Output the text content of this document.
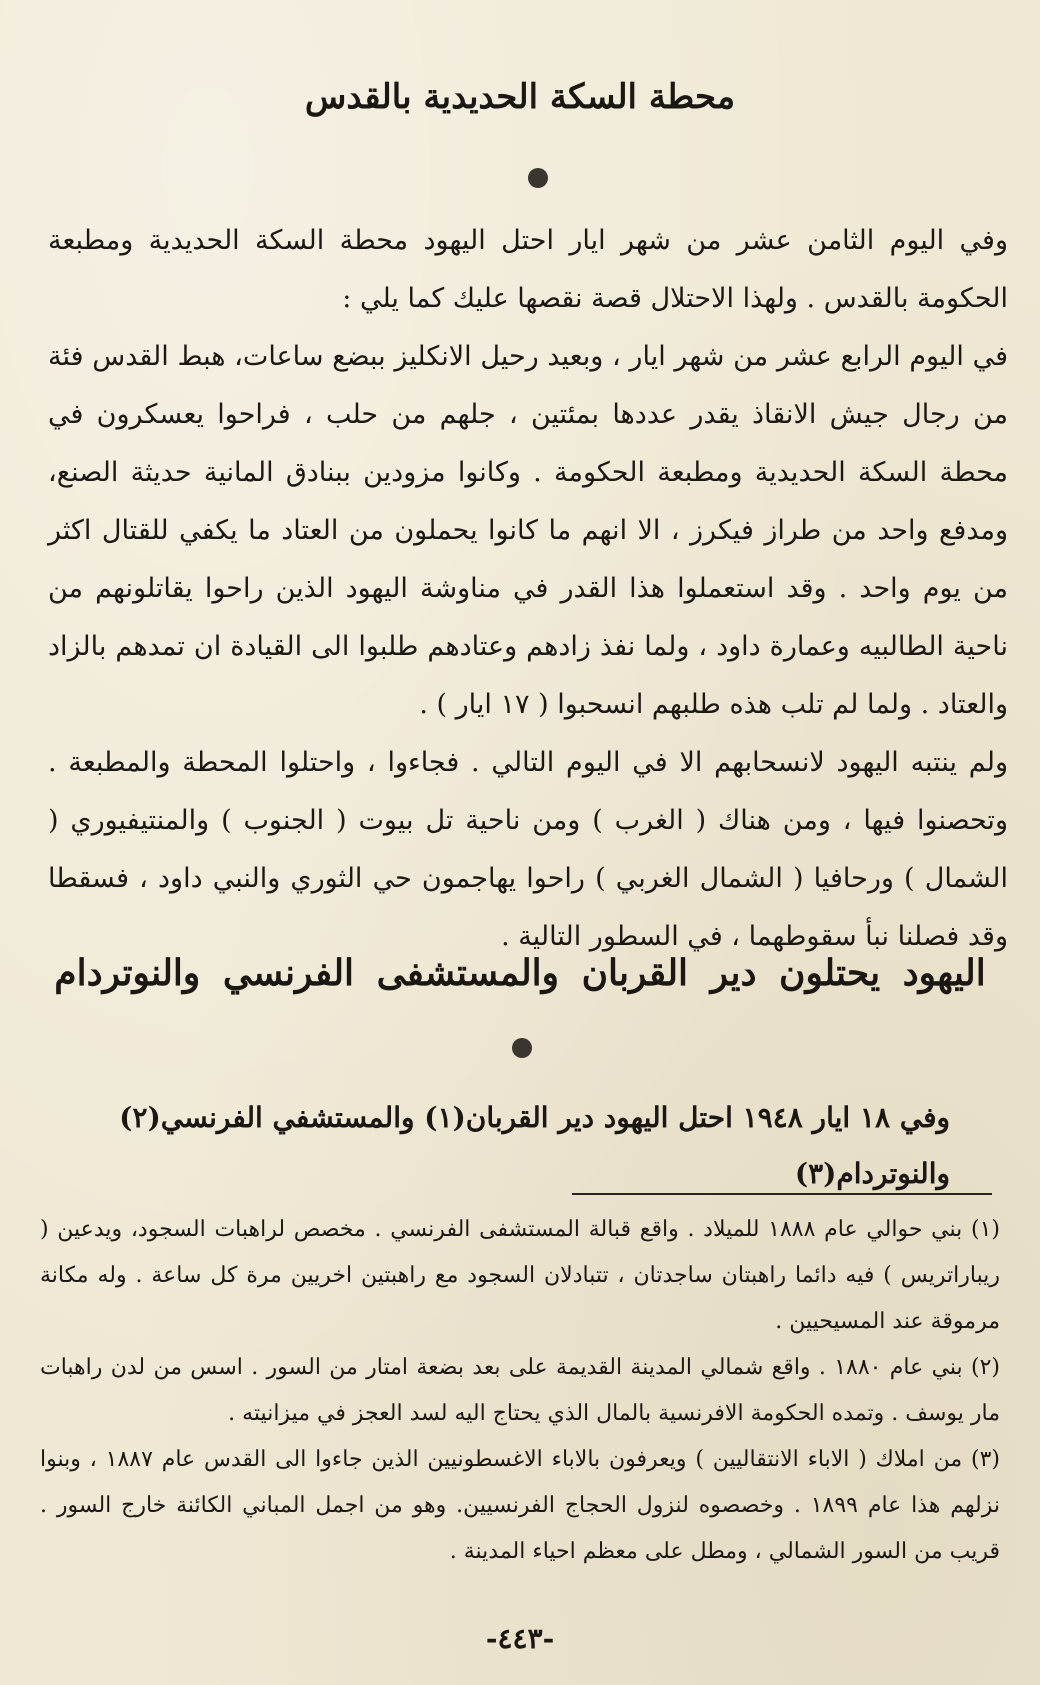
محطة السكة الحديدية بالقدس

وفي اليوم الثامن عشر من شهر ايار احتل اليهود محطة السكة الحديدية ومطبعة الحكومة بالقدس . ولهذا الاحتلال قصة نقصها عليك كما يلي :

في اليوم الرابع عشر من شهر ايار ، وبعيد رحيل الانكليز ببضع ساعات، هبط القدس فئة من رجال جيش الانقاذ يقدر عددها بمئتين ، جلهم من حلب ، فراحوا يعسكرون في محطة السكة الحديدية ومطبعة الحكومة . وكانوا مزودين ببنادق المانية حديثة الصنع، ومدفع واحد من طراز فيكرز ، الا انهم ما كانوا يحملون من العتاد ما يكفي للقتال اكثر من يوم واحد . وقد استعملوا هذا القدر في مناوشة اليهود الذين راحوا يقاتلونهم من ناحية الطالبيه وعمارة داود ، ولما نفذ زادهم وعتادهم طلبوا الى القيادة ان تمدهم بالزاد والعتاد . ولما لم تلب هذه طلبهم انسحبوا ( ١٧ ايار ) .

ولم ينتبه اليهود لانسحابهم الا في اليوم التالي . فجاءوا ، واحتلوا المحطة والمطبعة . وتحصنوا فيها ، ومن هناك ( الغرب ) ومن ناحية تل بيوت ( الجنوب ) والمنتيفيوري ( الشمال ) ورحافيا ( الشمال الغربي ) راحوا يهاجمون حي الثوري والنبي داود ، فسقطا وقد فصلنا نبأ سقوطهما ، في السطور التالية .

اليهود يحتلون دير القربان والمستشفى الفرنسي والنوتردام

وفي ١٨ ايار ١٩٤٨ احتل اليهود دير القربان(١) والمستشفي الفرنسي(٢) والنوتردام(٣)

(١) بني حوالي عام ١٨٨٨ للميلاد . واقع قبالة المستشفى الفرنسي . مخصص لراهبات السجود، ويدعين ( ريباراتريس ) فيه دائما راهبتان ساجدتان ، تتبادلان السجود مع راهبتين اخريين مرة كل ساعة . وله مكانة مرموقة عند المسيحيين .

(٢) بني عام ١٨٨٠ . واقع شمالي المدينة القديمة على بعد بضعة امتار من السور . اسس من لدن راهبات مار يوسف . وتمده الحكومة الافرنسية بالمال الذي يحتاج اليه لسد العجز في ميزانيته .

(٣) من املاك ( الاباء الانتقاليين ) ويعرفون بالاباء الاغسطونيين الذين جاءوا الى القدس عام ١٨٨٧ ، وبنوا نزلهم هذا عام ١٨٩٩ . وخصصوه لنزول الحجاج الفرنسيين. وهو من اجمل المباني الكائنة خارج السور . قريب من السور الشمالي ، ومطل على معظم احياء المدينة .

-٤٤٣-
